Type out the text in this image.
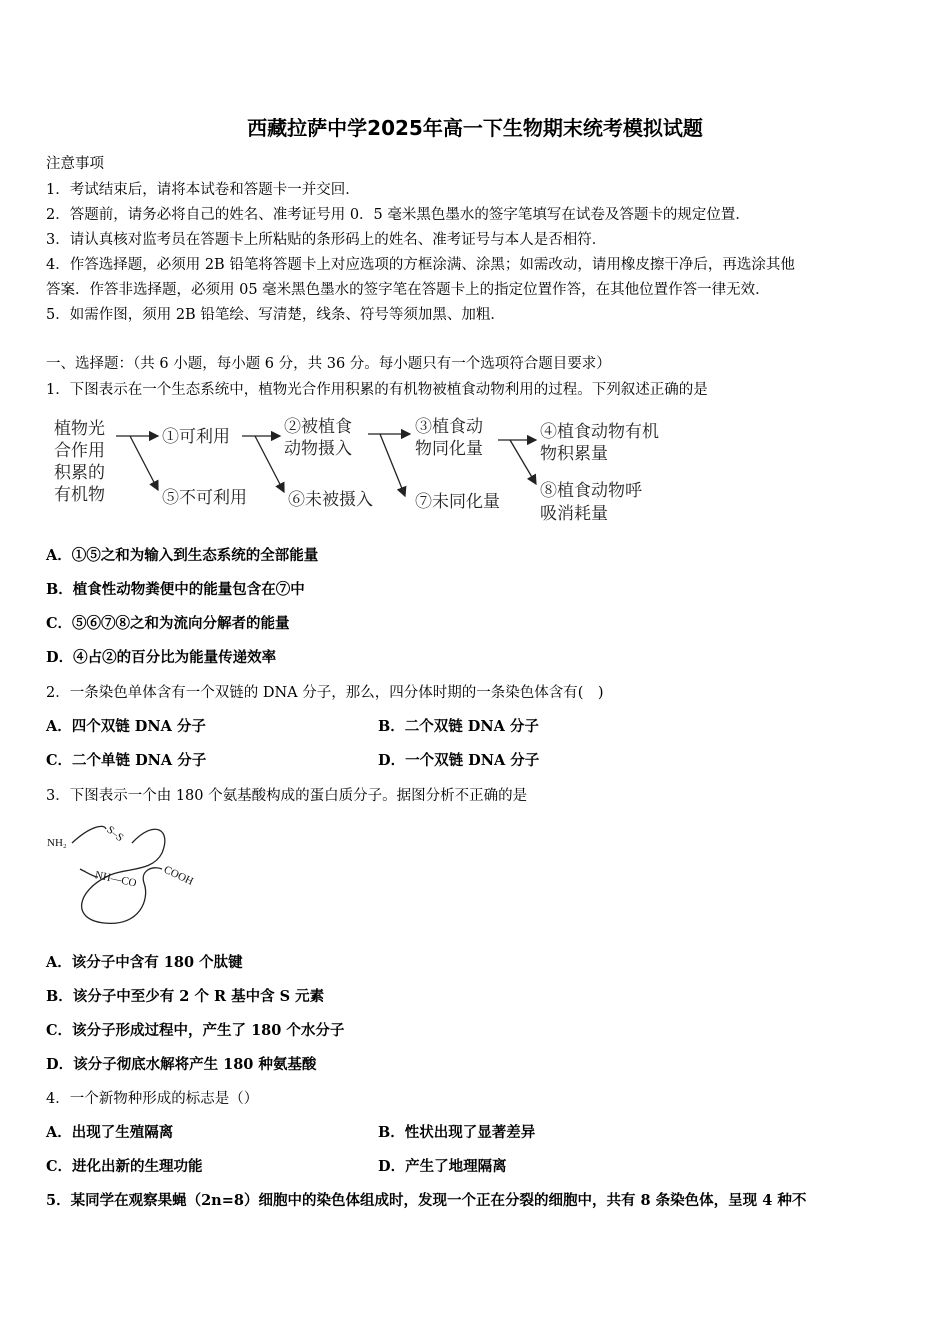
西藏拉萨中学2025年高一下生物期末统考模拟试题
注意事项
1．考试结束后，请将本试卷和答题卡一并交回．
2．答题前，请务必将自己的姓名、准考证号用 0．5 毫米黑色墨水的签字笔填写在试卷及答题卡的规定位置．
3．请认真核对监考员在答题卡上所粘贴的条形码上的姓名、准考证号与本人是否相符．
4．作答选择题，必须用 2B 铅笔将答题卡上对应选项的方框涂满、涂黑；如需改动，请用橡皮擦干净后，再选涂其他
答案．作答非选择题，必须用 05 毫米黑色墨水的签字笔在答题卡上的指定位置作答，在其他位置作答一律无效．
5．如需作图，须用 2B 铅笔绘、写清楚，线条、符号等须加黑、加粗．
一、选择题：（共 6 小题，每小题 6 分，共 36 分。每小题只有一个选项符合题目要求）
1．下图表示在一个生态系统中，植物光合作用积累的有机物被植食动物利用的过程。下列叙述正确的是
植物光
合作用
积累的
有机物
①可利用
⑤不可利用
②被植食
动物摄入
⑥未被摄入
③植食动
物同化量
⑦未同化量
④植食动物有机
物积累量
⑧植食动物呼
吸消耗量
A．①⑤之和为输入到生态系统的全部能量
B．植食性动物粪便中的能量包含在⑦中
C．⑤⑥⑦⑧之和为流向分解者的能量
D．④占②的百分比为能量传递效率
2．一条染色单体含有一个双链的 DNA 分子，那么，四分体时期的一条染色体含有(　)
A．四个双链 DNA 分子	B．二个双链 DNA 分子
C．二个单链 DNA 分子	D．一个双链 DNA 分子
3．下图表示一个由 180 个氨基酸构成的蛋白质分子。据图分析不正确的是
NH₂	S–S
NH—CO COOH
A．该分子中含有 180 个肽键
B．该分子中至少有 2 个 R 基中含 S 元素
C．该分子形成过程中，产生了 180 个水分子
D．该分子彻底水解将产生 180 种氨基酸
4．一个新物种形成的标志是（）
A．出现了生殖隔离	B．性状出现了显著差异
C．进化出新的生理功能	D．产生了地理隔离
5．某同学在观察果蝇（2n=8）细胞中的染色体组成时，发现一个正在分裂的细胞中，共有 8 条染色体，呈现 4 种不
